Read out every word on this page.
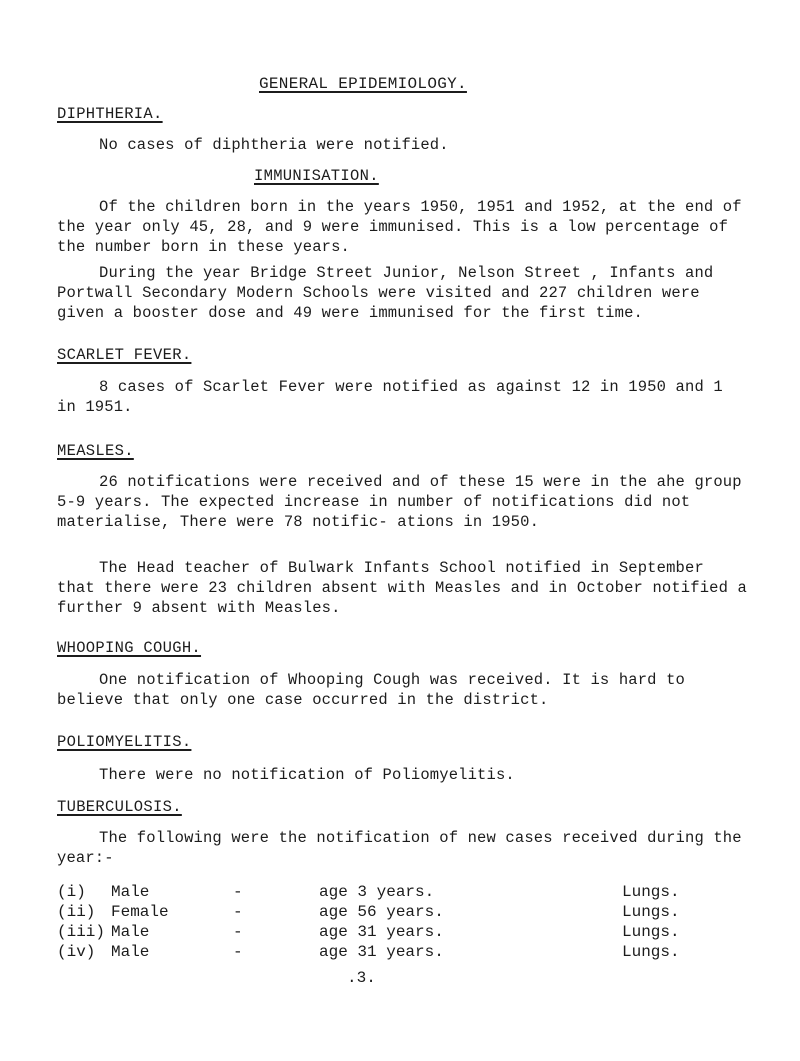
GENERAL EPIDEMIOLOGY.
DIPHTHERIA.
No cases of diphtheria were notified.
IMMUNISATION.
Of the children born in the years 1950, 1951 and 1952, at the end of the year only 45, 28, and 9 were immunised. This is a low percentage of the number born in these years.
During the year Bridge Street Junior, Nelson Street , Infants and Portwall Secondary Modern Schools were visited and 227 children were given a booster dose and 49 were immunised for the first time.
SCARLET FEVER.
8 cases of Scarlet Fever were notified as against 12 in 1950 and 1 in 1951.
MEASLES.
26 notifications were received and of these 15 were in the ahe group 5-9 years. The expected increase in number of notifications did not materialise, There were 78 notific- ations in 1950.
The Head teacher of Bulwark Infants School notified in September that there were 23 children absent with Measles and in October notified a further 9 absent with Measles.
WHOOPING COUGH.
One notification of Whooping Cough was received. It is hard to believe that only one case occurred in the district.
POLIOMYELITIS.
There were no notification of Poliomyelitis.
TUBERCULOSIS.
The following were the notification of new cases received during the year:-
(i) Male	-	age 3 years.	Lungs.
(ii) Female	-	age 56 years.	Lungs.
(iii) Male	-	age 31 years.	Lungs.
(iv) Male	-	age 31 years.	Lungs.
.3.
